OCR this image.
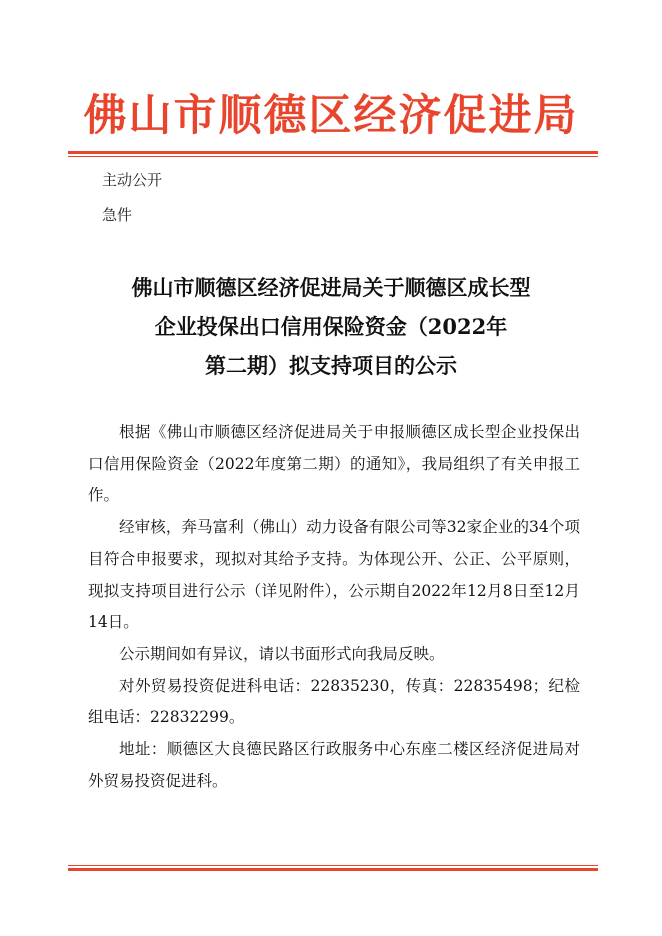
佛山市顺德区经济促进局
主动公开
急件
佛山市顺德区经济促进局关于顺德区成长型
企业投保出口信用保险资金（2022年
第二期）拟支持项目的公示

根据《佛山市顺德区经济促进局关于申报顺德区成长型企业投保出口信用保险资金（2022年度第二期）的通知》，我局组织了有关申报工作。

经审核，奔马富利（佛山）动力设备有限公司等32家企业的34个项目符合申报要求，现拟对其给予支持。为体现公开、公正、公平原则，现拟支持项目进行公示（详见附件），公示期自2022年12月8日至12月14日。

公示期间如有异议，请以书面形式向我局反映。

对外贸易投资促进科电话：22835230，传真：22835498；纪检组电话：22832299。

地址：顺德区大良德民路区行政服务中心东座二楼区经济促进局对外贸易投资促进科。
